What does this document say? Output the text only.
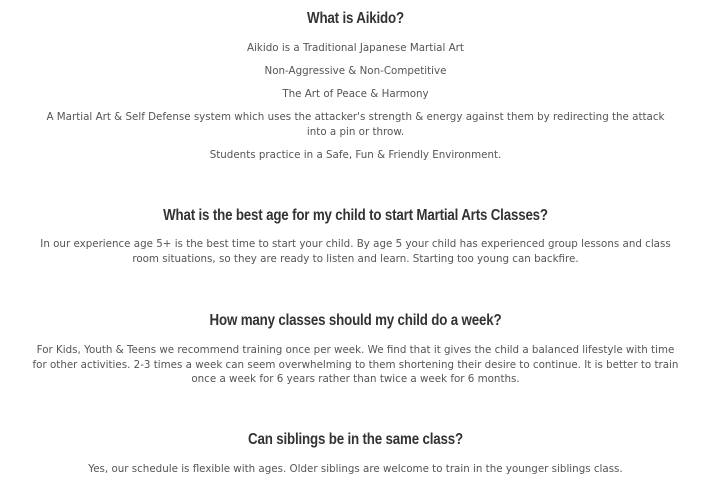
What is Aikido?

Aikido is a Traditional Japanese Martial Art

Non-Aggressive & Non-Competitive

The Art of Peace & Harmony

A Martial Art & Self Defense system which uses the attacker's strength & energy against them by redirecting the attack into a pin or throw.

Students practice in a Safe, Fun & Friendly Environment.

What is the best age for my child to start Martial Arts Classes?

In our experience age 5+ is the best time to start your child. By age 5 your child has experienced group lessons and class room situations, so they are ready to listen and learn. Starting too young can backfire.

How many classes should my child do a week?

For Kids, Youth & Teens we recommend training once per week. We find that it gives the child a balanced lifestyle with time for other activities. 2-3 times a week can seem overwhelming to them shortening their desire to continue. It is better to train once a week for 6 years rather than twice a week for 6 months.

Can siblings be in the same class?

Yes, our schedule is flexible with ages. Older siblings are welcome to train in the younger siblings class.
